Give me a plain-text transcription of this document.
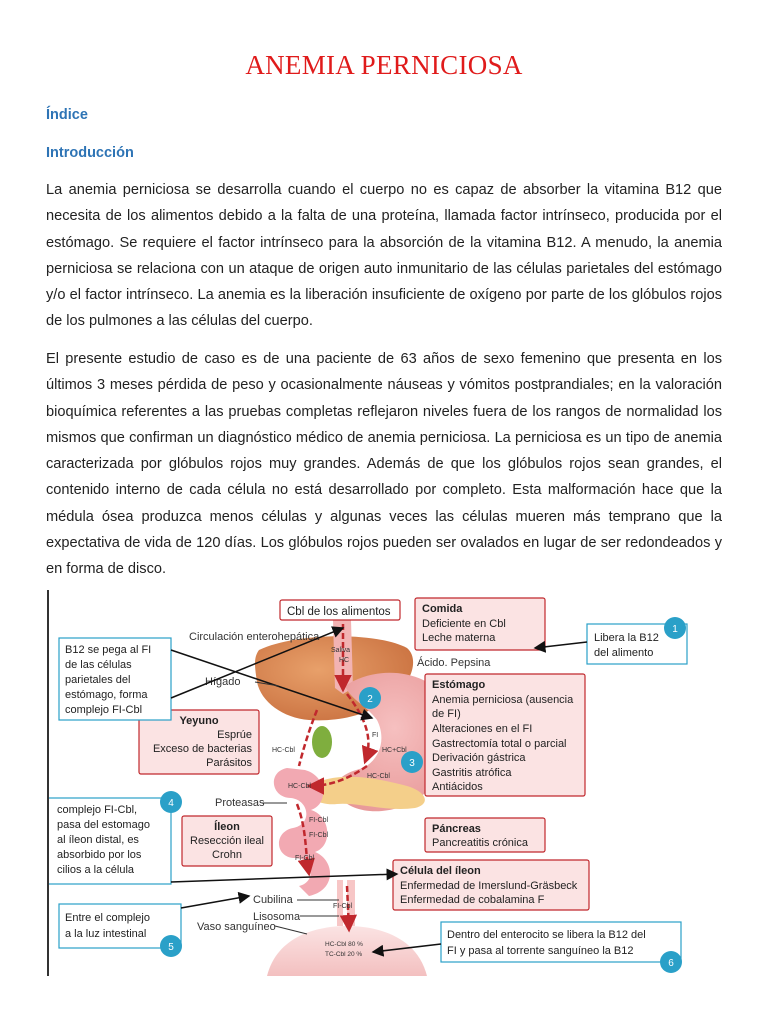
ANEMIA PERNICIOSA
Índice
Introducción

La anemia perniciosa se desarrolla cuando el cuerpo no es capaz de absorber la vitamina B12 que necesita de los alimentos debido a la falta de una proteína, llamada factor intrínseco, producida por el estómago. Se requiere el factor intrínseco para la absorción de la vitamina B12. A menudo, la anemia perniciosa se relaciona con un ataque de origen auto inmunitario de las células parietales del estómago y/o el factor intrínseco. La anemia es la liberación insuficiente de oxígeno por parte de los glóbulos rojos de los pulmones a las células del cuerpo.

El presente estudio de caso es de una paciente de 63 años de sexo femenino que presenta en los últimos 3 meses pérdida de peso y ocasionalmente náuseas y vómitos postprandiales; en la valoración bioquímica referentes a las pruebas completas reflejaron niveles fuera de los rangos de normalidad los mismos que confirman un diagnóstico médico de anemia perniciosa. La perniciosa es un tipo de anemia caracterizada por glóbulos rojos muy grandes. Además de que los glóbulos rojos sean grandes, el contenido interno de cada célula no está desarrollado por completo. Esta malformación hace que la médula ósea produzca menos células y algunas veces las células mueren más temprano que la expectativa de vida de 120 días. Los glóbulos rojos pueden ser ovalados en lugar de ser redondeados y en forma de disco.

Saliva
HC
FI
HC+Cbl
HC-Cbl
HC-Cbl
HC-Cbl
FI-Cbl
FI-Cbl
FI-Cbl
FI-Cbl
HC-Cbl 80 %
TC-Cbl 20 %
Circulación enterohepática
Hígado
Ácido. Pepsina
Proteasas
Cubilina
Lisosoma
Vaso sanguíneo
Cbl de los alimentos	Comida
Deficiente en Cbl
Leche materna
Estómago
Anemia perniciosa (ausencia
de FI)
Alteraciones en el FI
Gastrectomía total o parcial
Derivación gástrica
Gastritis atrófica
Antiácidos
Yeyuno
Esprúe
Exceso de bacterias
Parásitos
Íleon
Resección ileal
Crohn
Páncreas
Pancreatitis crónica
Célula del íleon
Enfermedad de Imerslund-Gräsbeck
Enfermedad de cobalamina F
Libera la B12
del alimento
1
B12 se pega al FI
de las células
parietales del
estómago, forma
complejo FI-Cbl
2
3
complejo FI-Cbl,
pasa del estomago
al íleon distal, es
absorbido por los
cilios a la célula
4
Entre el complejo
a la luz intestinal
5
Dentro del enterocito se libera la B12 del
FI y pasa al torrente sanguíneo la B12
6
